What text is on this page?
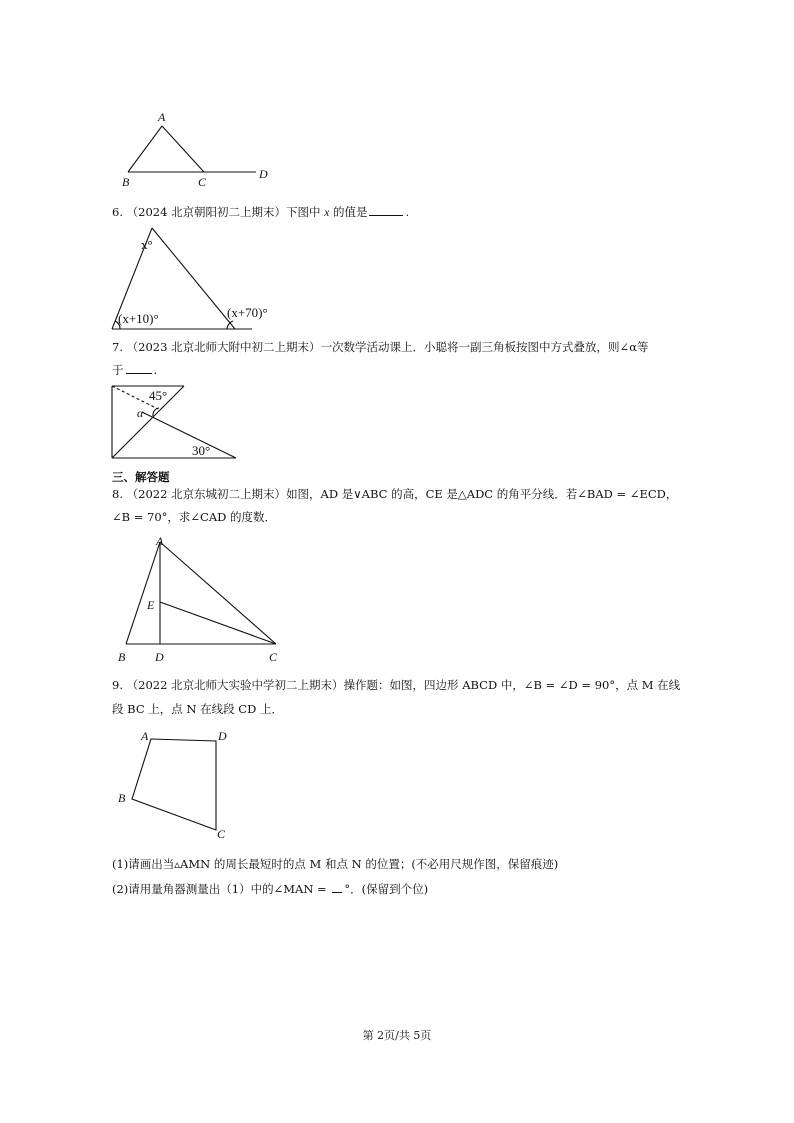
A
B	C
D
6. （2024 北京朝阳初二上期末）下图中 x 的值是	.
x°
(x+10)°	(x+70)°
7. （2023 北京北师大附中初二上期末）一次数学活动课上．小聪将一副三角板按图中方式叠放，则∠α等
于	.
45°
α
30°
三、解答题
8. （2022 北京东城初二上期末）如图，AD 是∨ABC 的高，CE 是△ADC 的角平分线．若∠BAD = ∠ECD，
∠B = 70°，求∠CAD 的度数．
A
B D	C
E
9. （2022 北京北师大实验中学初二上期末）操作题：如图，四边形 ABCD 中，∠B = ∠D = 90°，点 M 在线
段 BC 上，点 N 在线段 CD 上．
A	D
B
C
(1)请画出当▵AMN 的周长最短时的点 M 和点 N 的位置；(不必用尺规作图，保留痕迹)
(2)请用量角器测量出（1）中的∠MAN = °．(保留到个位)
第 2页/共 5页
